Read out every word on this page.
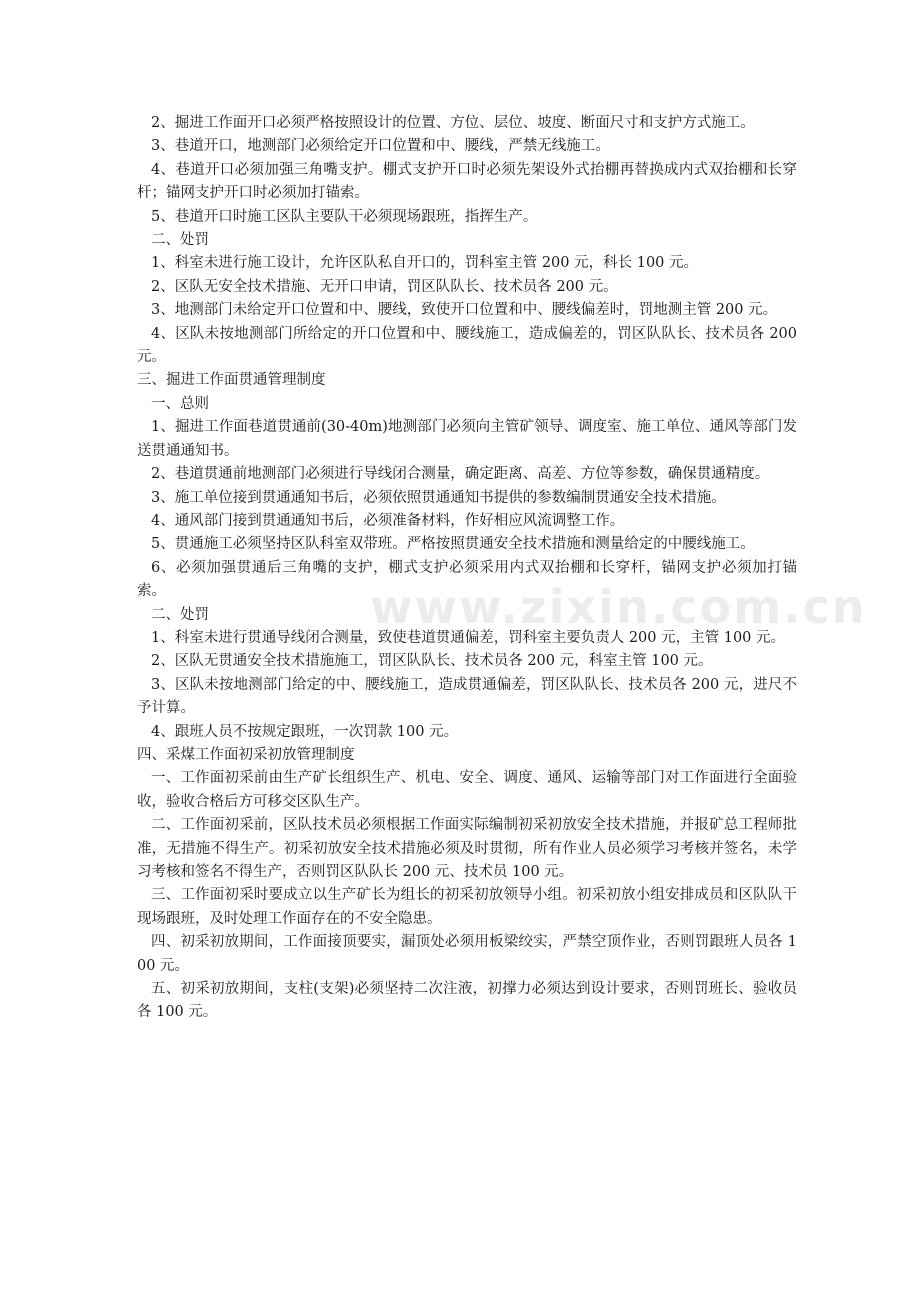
2、掘进工作面开口必须严格按照设计的位置、方位、层位、坡度、断面尺寸和支护方式施工。

3、巷道开口，地测部门必须给定开口位置和中、腰线，严禁无线施工。

4、巷道开口必须加强三角嘴支护。棚式支护开口时必须先架设外式抬棚再替换成内式双抬棚和长穿杆；锚网支护开口时必须加打锚索。

5、巷道开口时施工区队主要队干必须现场跟班，指挥生产。

二、处罚

1、科室未进行施工设计，允许区队私自开口的，罚科室主管 200 元，科长 100 元。

2、区队无安全技术措施、无开口申请，罚区队队长、技术员各 200 元。

3、地测部门未给定开口位置和中、腰线，致使开口位置和中、腰线偏差时，罚地测主管 200 元。

4、区队未按地测部门所给定的开口位置和中、腰线施工，造成偏差的，罚区队队长、技术员各 200 元。

三、掘进工作面贯通管理制度

一、总则

1、掘进工作面巷道贯通前(30-40m)地测部门必须向主管矿领导、调度室、施工单位、通风等部门发送贯通通知书。

2、巷道贯通前地测部门必须进行导线闭合测量，确定距离、高差、方位等参数，确保贯通精度。

3、施工单位接到贯通通知书后，必须依照贯通通知书提供的参数编制贯通安全技术措施。

4、通风部门接到贯通通知书后，必须准备材料，作好相应风流调整工作。

5、贯通施工必须坚持区队科室双带班。严格按照贯通安全技术措施和测量给定的中腰线施工。

6、必须加强贯通后三角嘴的支护，棚式支护必须采用内式双抬棚和长穿杆，锚网支护必须加打锚索。

二、处罚

1、科室未进行贯通导线闭合测量，致使巷道贯通偏差，罚科室主要负责人 200 元，主管 100 元。

2、区队无贯通安全技术措施施工，罚区队队长、技术员各 200 元，科室主管 100 元。

3、区队未按地测部门给定的中、腰线施工，造成贯通偏差，罚区队队长、技术员各 200 元，进尺不予计算。

4、跟班人员不按规定跟班，一次罚款 100 元。

四、采煤工作面初采初放管理制度

一、工作面初采前由生产矿长组织生产、机电、安全、调度、通风、运输等部门对工作面进行全面验收，验收合格后方可移交区队生产。

二、工作面初采前，区队技术员必须根据工作面实际编制初采初放安全技术措施，并报矿总工程师批准，无措施不得生产。初采初放安全技术措施必须及时贯彻，所有作业人员必须学习考核并签名，未学习考核和签名不得生产，否则罚区队队长 200 元、技术员 100 元。

三、工作面初采时要成立以生产矿长为组长的初采初放领导小组。初采初放小组安排成员和区队队干现场跟班，及时处理工作面存在的不安全隐患。

四、初采初放期间，工作面接顶要实，漏顶处必须用板梁绞实，严禁空顶作业，否则罚跟班人员各 100 元。

五、初采初放期间，支柱(支架)必须坚持二次注液，初撑力必须达到设计要求，否则罚班长、验收员各 100 元。

www.zixin.com.cn
